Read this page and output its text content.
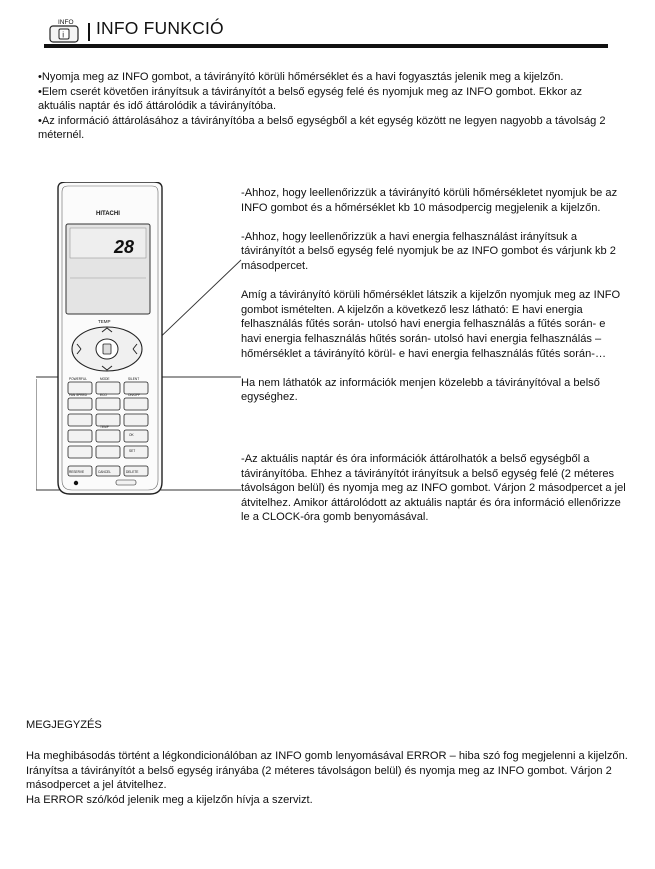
INFO
i INFO FUNKCIÓ

•Nyomja meg az INFO gombot, a távirányító körüli hőmérséklet és a havi fogyasztás jelenik meg a kijelzőn.

•Elem cserét követően irányítsuk a távirányítót a belső egység felé és nyomjuk meg az INFO gombot. Ekkor az aktuális naptár és idő áttárolódik a távirányítóba.

•Az információ áttárolásához a távirányítóba a belső egységből a két egység között ne legyen nagyobb a távolság 2 méternél.

HITACHI
28
TEMP
POWERFUL	MODE	SILENT
FAN SPEED	ECO	ON/OFF
TEMP
OK
SET
CANCEL	DELETE
RESERVE

-Ahhoz, hogy leellenőrizzük a távirányító körüli hőmérsékletet nyomjuk be az INFO gombot és a hőmérséklet kb 10 másodpercig megjelenik a kijelzőn.

-Ahhoz, hogy leellenőrizzük a havi energia felhasználást irányítsuk a távirányítót a belső egység felé nyomjuk be az INFO gombot és várjunk kb 2 másodpercet.

Amíg a távirányító körüli hőmérséklet látszik a kijelzőn nyomjuk meg az INFO gombot ismételten. A kijelzőn a következő lesz látható: E havi energia felhasználás fűtés során- utolsó havi energia felhasználás a fűtés során- e havi energia felhasználás hűtés során- utolsó havi energia felhasználás – hőmérséklet a távirányító körül- e havi energia felhasználás fűtés során-…

Ha nem láthatók az információk menjen közelebb a távirányítóval a belső egységhez.

-Az aktuális naptár és óra információk áttárolhatók a belső egységből a távirányítóba. Ehhez a távirányítót irányítsuk a belső egység felé (2 méteres távolságon belül) és nyomja meg az INFO gombot. Várjon 2 másodpercet a jel átvitelhez. Amikor áttárolódott az aktuális naptár és óra információ ellenőrizze le a CLOCK-óra gomb benyomásával.

MEGJEGYZÉS

Ha meghibásodás történt a légkondicionálóban az INFO gomb lenyomásával ERROR – hiba szó fog megjelenni a kijelzőn.

Irányítsa a távirányítót a belső egység irányába (2 méteres távolságon belül) és nyomja meg az INFO gombot. Várjon 2 másodpercet a jel átvitelhez.

Ha ERROR szó/kód jelenik meg a kijelzőn hívja a szervizt.
